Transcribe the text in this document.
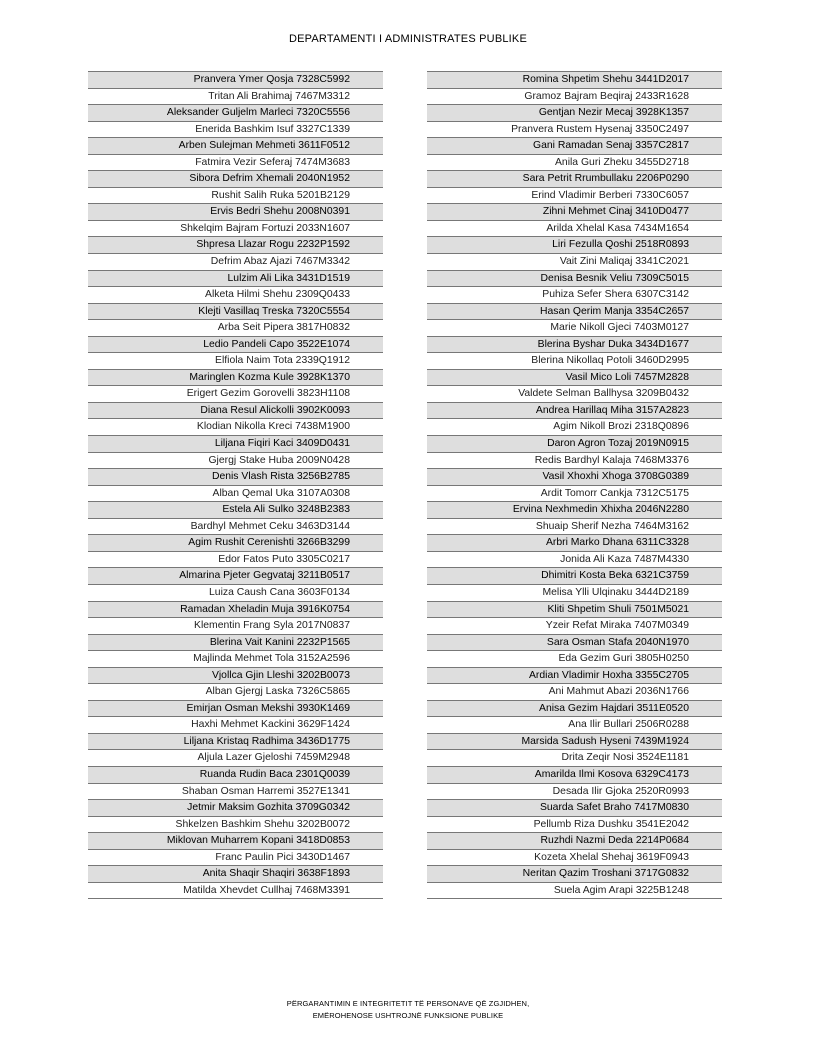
DEPARTAMENTI I ADMINISTRATES PUBLIKE
Pranvera Ymer Qosja 7328C5992
Tritan Ali Brahimaj 7467M3312
Aleksander Guljelm Marleci 7320C5556
Enerida Bashkim Isuf 3327C1339
Arben Sulejman Mehmeti 3611F0512
Fatmira Vezir Seferaj 7474M3683
Sibora Defrim Xhemali 2040N1952
Rushit Salih Ruka 5201B2129
Ervis Bedri Shehu 2008N0391
Shkelqim Bajram Fortuzi 2033N1607
Shpresa Llazar Rogu 2232P1592
Defrim Abaz Ajazi 7467M3342
Lulzim Ali Lika 3431D1519
Alketa Hilmi Shehu 2309Q0433
Klejti Vasillaq Treska 7320C5554
Arba Seit Pipera 3817H0832
Ledio Pandeli Capo 3522E1074
Elfiola Naim Tota 2339Q1912
Maringlen Kozma Kule 3928K1370
Erigert Gezim Gorovelli 3823H1108
Diana Resul Alickolli 3902K0093
Klodian Nikolla Kreci 7438M1900
Liljana Fiqiri Kaci 3409D0431
Gjergj Stake Huba 2009N0428
Denis Vlash Rista 3256B2785
Alban Qemal Uka 3107A0308
Estela Ali Sulko 3248B2383
Bardhyl Mehmet Ceku 3463D3144
Agim Rushit Cerenishti 3266B3299
Edor Fatos Puto 3305C0217
Almarina Pjeter Gegvataj 3211B0517
Luiza Caush Cana 3603F0134
Ramadan Xheladin Muja 3916K0754
Klementin Frang Syla 2017N0837
Blerina Vait Kanini 2232P1565
Majlinda Mehmet Tola 3152A2596
Vjollca Gjin Lleshi 3202B0073
Alban Gjergj Laska 7326C5865
Emirjan Osman Mekshi 3930K1469
Haxhi Mehmet Kackini 3629F1424
Liljana Kristaq Radhima 3436D1775
Aljula Lazer Gjeloshi 7459M2948
Ruanda Rudin Baca 2301Q0039
Shaban Osman Harremi 3527E1341
Jetmir Maksim Gozhita 3709G0342
Shkelzen Bashkim Shehu 3202B0072
Miklovan Muharrem Kopani 3418D0853
Franc Paulin Pici 3430D1467
Anita Shaqir Shaqiri 3638F1893
Matilda Xhevdet Cullhaj 7468M3391
Romina Shpetim Shehu 3441D2017
Gramoz Bajram Beqiraj 2433R1628
Gentjan Nezir Mecaj 3928K1357
Pranvera Rustem Hysenaj 3350C2497
Gani Ramadan Senaj 3357C2817
Anila Guri Zheku 3455D2718
Sara Petrit Rrumbullaku 2206P0290
Erind Vladimir Berberi 7330C6057
Zihni Mehmet Cinaj 3410D0477
Arilda Xhelal Kasa 7434M1654
Liri Fezulla Qoshi 2518R0893
Vait Zini Maliqaj 3341C2021
Denisa Besnik Veliu 7309C5015
Puhiza Sefer Shera 6307C3142
Hasan Qerim Manja 3354C2657
Marie Nikoll Gjeci 7403M0127
Blerina Byshar Duka 3434D1677
Blerina Nikollaq Potoli 3460D2995
Vasil Mico Loli 7457M2828
Valdete Selman Ballhysa 3209B0432
Andrea Harillaq Miha 3157A2823
Agim Nikoll Brozi 2318Q0896
Daron Agron Tozaj 2019N0915
Redis Bardhyl Kalaja 7468M3376
Vasil Xhoxhi Xhoga 3708G0389
Ardit Tomorr Cankja 7312C5175
Ervina Nexhmedin Xhixha 2046N2280
Shuaip Sherif Nezha 7464M3162
Arbri Marko Dhana 6311C3328
Jonida Ali Kaza 7487M4330
Dhimitri Kosta Beka 6321C3759
Melisa Ylli Ulqinaku 3444D2189
Kliti Shpetim Shuli 7501M5021
Yzeir Refat Miraka 7407M0349
Sara Osman Stafa 2040N1970
Eda Gezim Guri 3805H0250
Ardian Vladimir Hoxha 3355C2705
Ani Mahmut Abazi 2036N1766
Anisa Gezim Hajdari 3511E0520
Ana Ilir Bullari 2506R0288
Marsida Sadush Hyseni 7439M1924
Drita Zeqir Nosi 3524E1181
Amarilda Ilmi Kosova 6329C4173
Desada Ilir Gjoka 2520R0993
Suarda Safet Braho 7417M0830
Pellumb Riza Dushku 3541E2042
Ruzhdi Nazmi Deda 2214P0684
Kozeta Xhelal Shehaj 3619F0943
Neritan Qazim Troshani 3717G0832
Suela Agim Arapi 3225B1248
PËRGARANTIMIN E INTEGRITETIT TË PERSONAVE QË ZGJIDHEN,
EMËROHENOSE USHTROJNË FUNKSIONE PUBLIKE
